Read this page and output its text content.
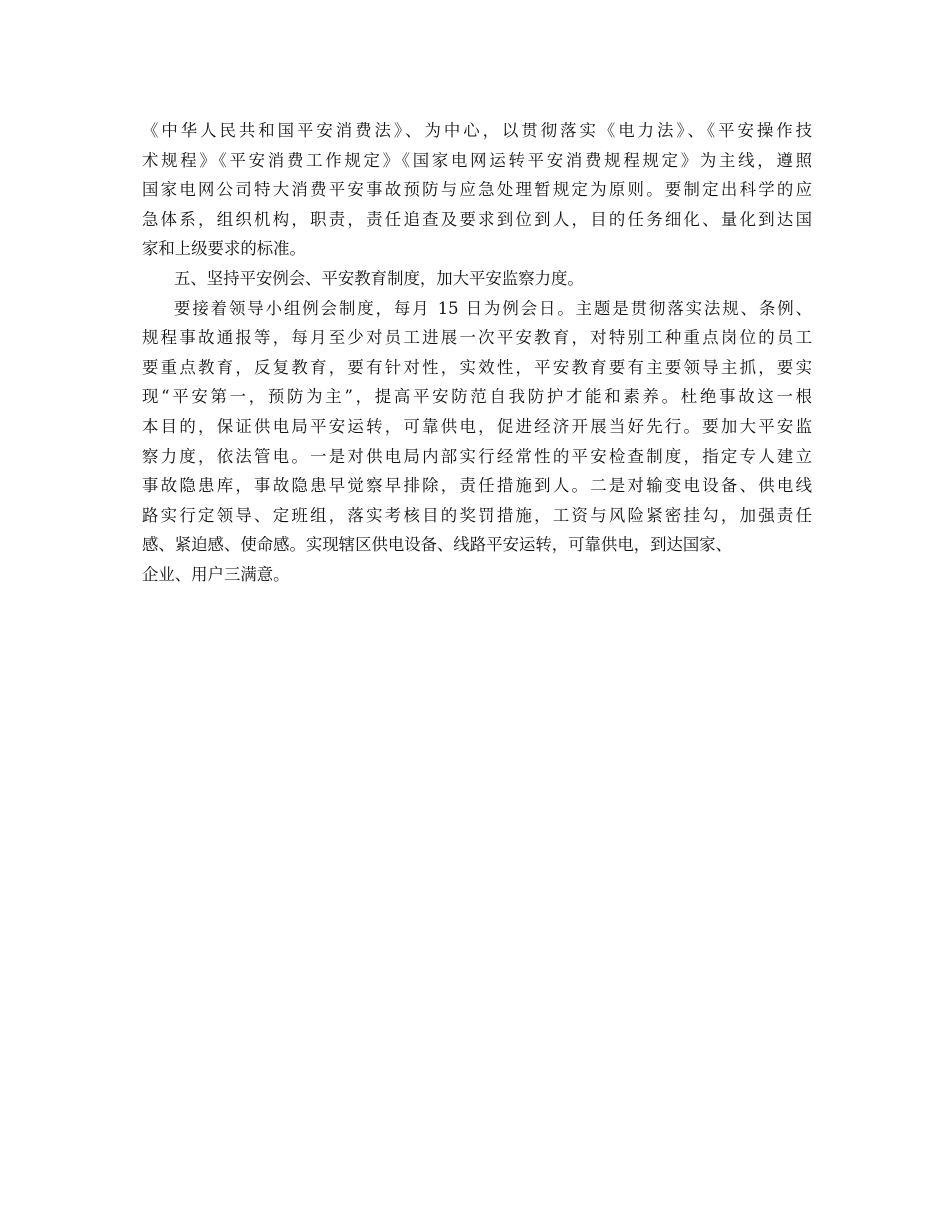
《中华人民共和国平安消费法》、为中心，以贯彻落实《电力法》、《平安操作技
术规程》《平安消费工作规定》《国家电网运转平安消费规程规定》为主线，遵照
国家电网公司特大消费平安事故预防与应急处理暂规定为原则。要制定出科学的应
急体系，组织机构，职责，责任追查及要求到位到人，目的任务细化、量化到达国
家和上级要求的标准。
五、坚持平安例会、平安教育制度，加大平安监察力度。
要接着领导小组例会制度，每月 15 日为例会日。主题是贯彻落实法规、条例、
规程事故通报等，每月至少对员工进展一次平安教育，对特别工种重点岗位的员工
要重点教育，反复教育，要有针对性，实效性，平安教育要有主要领导主抓，要实
现“平安第一，预防为主”，提高平安防范自我防护才能和素养。杜绝事故这一根
本目的，保证供电局平安运转，可靠供电，促进经济开展当好先行。要加大平安监
察力度，依法管电。一是对供电局内部实行经常性的平安检查制度，指定专人建立
事故隐患库，事故隐患早觉察早排除，责任措施到人。二是对输变电设备、供电线
路实行定领导、定班组，落实考核目的奖罚措施，工资与风险紧密挂勾，加强责任
感、紧迫感、使命感。实现辖区供电设备、线路平安运转，可靠供电，到达国家、
企业、用户三满意。
